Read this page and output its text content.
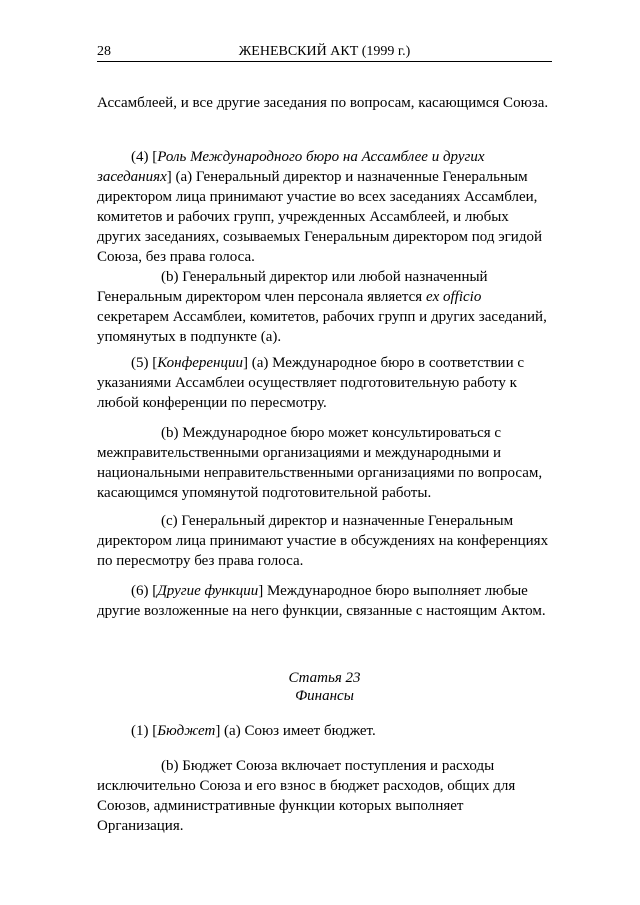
28	ЖЕНЕВСКИЙ АКТ (1999 г.)

Ассамблеей, и все другие заседания по вопросам, касающимся Союза.

(4) [Роль Международного бюро на Ассамблее и других заседаниях] (a) Генеральный директор и назначенные Генеральным директором лица принимают участие во всех заседаниях Ассамблеи, комитетов и рабочих групп, учрежденных Ассамблеей, и любых других заседаниях, созываемых Генеральным директором под эгидой Союза, без права голоса.

(b) Генеральный директор или любой назначенный Генеральным директором член персонала является ex officio секретарем Ассамблеи, комитетов, рабочих групп и других заседаний, упомянутых в подпункте (a).

(5) [Конференции] (a) Международное бюро в соответствии с указаниями Ассамблеи осуществляет подготовительную работу к любой конференции по пересмотру.

(b) Международное бюро может консультироваться с межправительственными организациями и международными и национальными неправительственными организациями по вопросам, касающимся упомянутой подготовительной работы.

(c) Генеральный директор и назначенные Генеральным директором лица принимают участие в обсуждениях на конференциях по пересмотру без права голоса.

(6) [Другие функции] Международное бюро выполняет любые другие возложенные на него функции, связанные с настоящим Актом.

Статья 23

Финансы

(1) [Бюджет] (a) Союз имеет бюджет.

(b) Бюджет Союза включает поступления и расходы исключительно Союза и его взнос в бюджет расходов, общих для Союзов, административные функции которых выполняет Организация.
